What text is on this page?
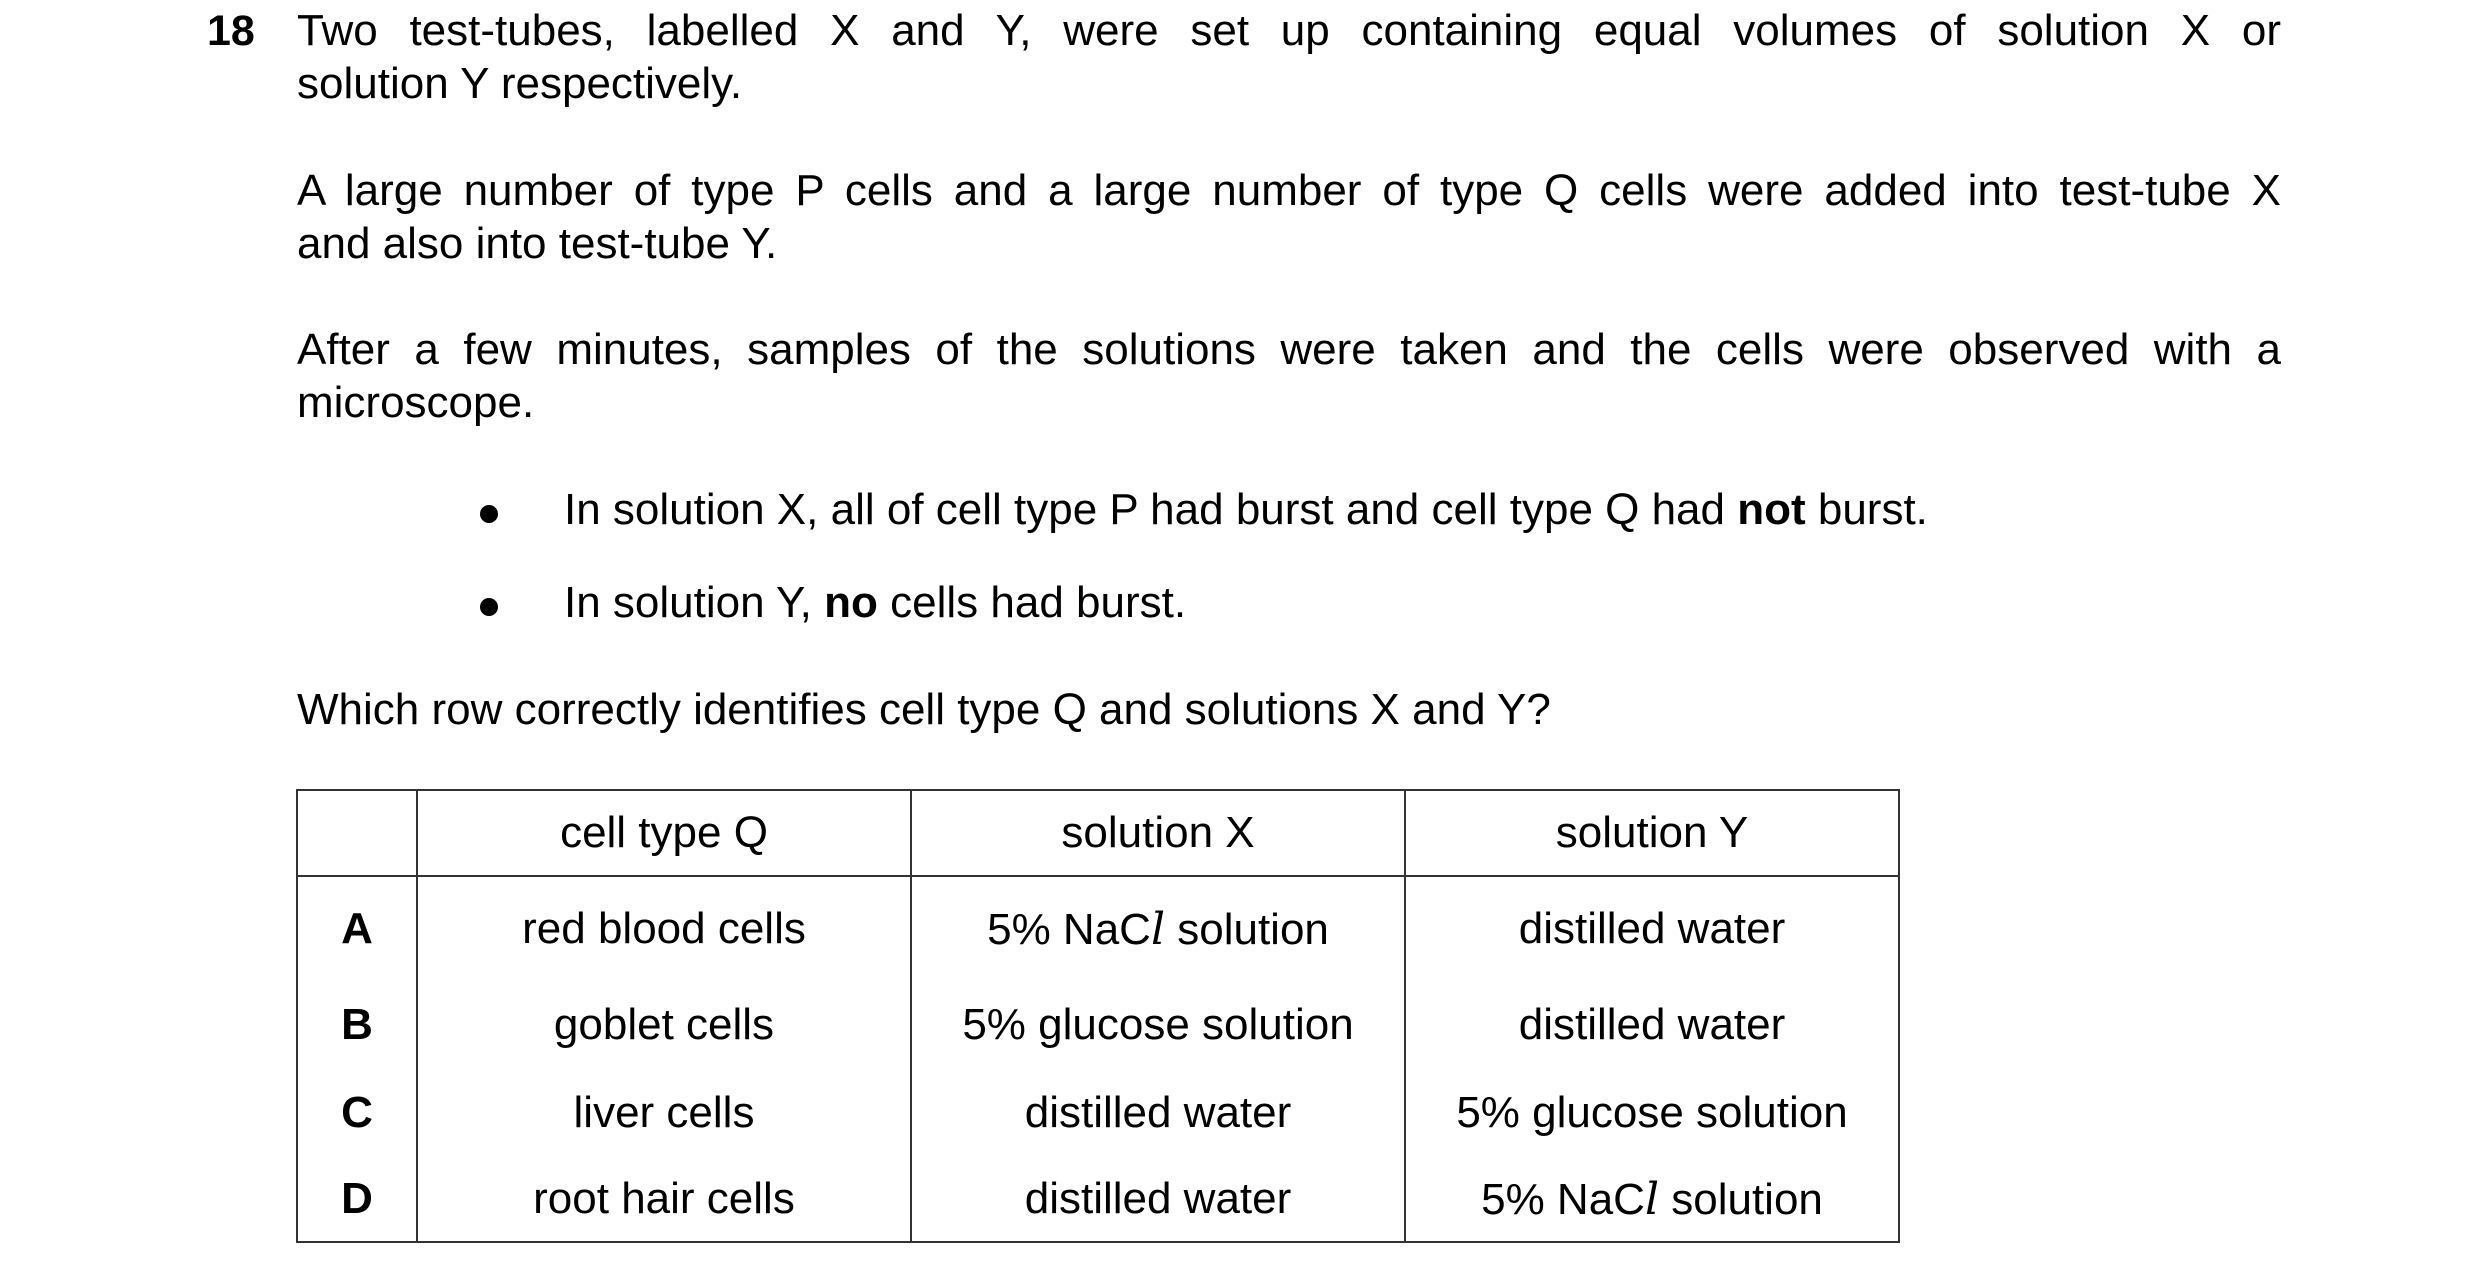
18 Two test-tubes, labelled X and Y, were set up containing equal volumes of solution X or
solution Y respectively.
A large number of type P cells and a large number of type Q cells were added into test-tube X
and also into test-tube Y.
After a few minutes, samples of the solutions were taken and the cells were observed with a
microscope.
In solution X, all of cell type P had burst and cell type Q had not burst.
In solution Y, no cells had burst.
Which row correctly identifies cell type Q and solutions X and Y?
	cell type Q	solution X	solution Y
A	red blood cells	5% NaCl solution	distilled water
B	goblet cells	5% glucose solution	distilled water
C	liver cells	distilled water	5% glucose solution
D	root hair cells	distilled water	5% NaCl solution
